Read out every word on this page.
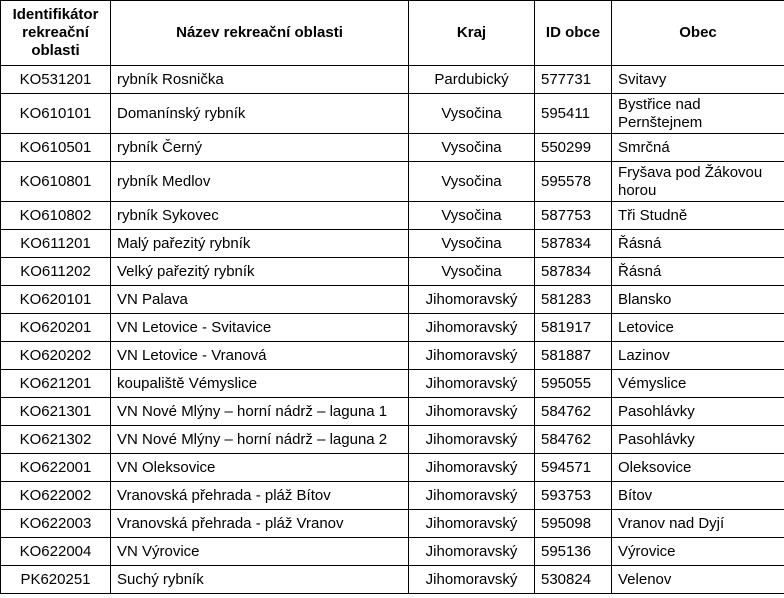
Identifikátor rekreační oblasti	Název rekreační oblasti	Kraj	ID obce	Obec
KO531201	rybník Rosnička	Pardubický	577731	Svitavy
KO610101	Domanínský rybník	Vysočina	595411	Bystřice nad Pernštejnem
KO610501	rybník Černý	Vysočina	550299	Smrčná
KO610801	rybník Medlov	Vysočina	595578	Fryšava pod Žákovou horou
KO610802	rybník Sykovec	Vysočina	587753	Tři Studně
KO611201	Malý pařezitý rybník	Vysočina	587834	Řásná
KO611202	Velký pařezitý rybník	Vysočina	587834	Řásná
KO620101	VN Palava	Jihomoravský	581283	Blansko
KO620201	VN Letovice - Svitavice	Jihomoravský	581917	Letovice
KO620202	VN Letovice - Vranová	Jihomoravský	581887	Lazinov
KO621201	koupaliště Vémyslice	Jihomoravský	595055	Vémyslice
KO621301	VN Nové Mlýny – horní nádrž – laguna 1	Jihomoravský	584762	Pasohlávky
KO621302	VN Nové Mlýny – horní nádrž – laguna 2	Jihomoravský	584762	Pasohlávky
KO622001	VN Oleksovice	Jihomoravský	594571	Oleksovice
KO622002	Vranovská přehrada - pláž Bítov	Jihomoravský	593753	Bítov
KO622003	Vranovská přehrada - pláž Vranov	Jihomoravský	595098	Vranov nad Dyjí
KO622004	VN Výrovice	Jihomoravský	595136	Výrovice
PK620251	Suchý rybník	Jihomoravský	530824	Velenov
